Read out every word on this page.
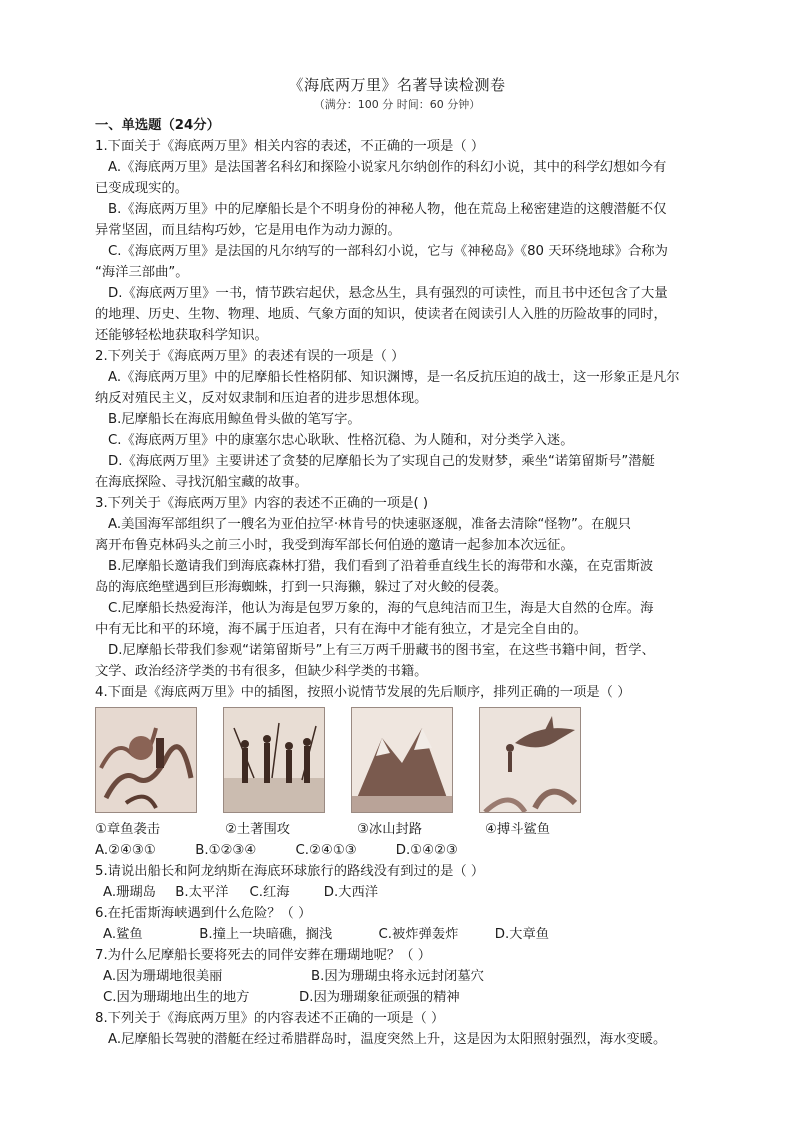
《海底两万里》名著导读检测卷
（满分：100 分 时间：60 分钟）
一、单选题（24分）
1.下面关于《海底两万里》相关内容的表述，不正确的一项是（ ）
A.《海底两万里》是法国著名科幻和探险小说家凡尔纳创作的科幻小说，其中的科学幻想如今有
已变成现实的。
B.《海底两万里》中的尼摩船长是个不明身份的神秘人物，他在荒岛上秘密建造的这艘潜艇不仅
异常坚固，而且结构巧妙，它是用电作为动力源的。
C.《海底两万里》是法国的凡尔纳写的一部科幻小说，它与《神秘岛》《80 天环绕地球》合称为
“海洋三部曲”。
D.《海底两万里》一书，情节跌宕起伏，悬念丛生，具有强烈的可读性，而且书中还包含了大量
的地理、历史、生物、物理、地质、气象方面的知识，使读者在阅读引人入胜的历险故事的同时，
还能够轻松地获取科学知识。
2.下列关于《海底两万里》的表述有误的一项是（ ）
A.《海底两万里》中的尼摩船长性格阴郁、知识渊博，是一名反抗压迫的战士，这一形象正是凡尔
纳反对殖民主义，反对奴隶制和压迫者的进步思想体现。
B.尼摩船长在海底用鲸鱼骨头做的笔写字。
C.《海底两万里》中的康塞尔忠心耿耿、性格沉稳、为人随和，对分类学入迷。
D.《海底两万里》主要讲述了贪婪的尼摩船长为了实现自己的发财梦，乘坐“诺第留斯号”潜艇
在海底探险、寻找沉船宝藏的故事。
3.下列关于《海底两万里》内容的表述不正确的一项是( )
A.美国海军部组织了一艘名为亚伯拉罕·林肯号的快速驱逐舰，准备去清除“怪物”。在舰只
离开布鲁克林码头之前三小时，我受到海军部长何伯逊的邀请一起参加本次远征。
B.尼摩船长邀请我们到海底森林打猎，我们看到了沿着垂直线生长的海带和水藻，在克雷斯波
岛的海底绝壁遇到巨形海蜘蛛，打到一只海獭，躲过了对火鲛的侵袭。
C.尼摩船长热爱海洋，他认为海是包罗万象的，海的气息纯洁而卫生，海是大自然的仓库。海
中有无比和平的环境，海不属于压迫者，只有在海中才能有独立，才是完全自由的。
D.尼摩船长带我们参观“诺第留斯号”上有三万两千册藏书的图书室，在这些书籍中间，哲学、
文学、政治经济学类的书有很多，但缺少科学类的书籍。
4.下面是《海底两万里》中的插图，按照小说情节发展的先后顺序，排列正确的一项是（ ）
①章鱼袭击	②土著围攻	③冰山封路	④搏斗鲨鱼
A.②④③①	B.①②③④	C.②④①③	D.①④②③
5.请说出船长和阿龙纳斯在海底环球旅行的路线没有到过的是（ ）
A.珊瑚岛 B.太平洋 C.红海	D.大西洋
6.在托雷斯海峡遇到什么危险？（ ）
A.鲨鱼	B.撞上一块暗礁，搁浅	C.被炸弹轰炸	D.大章鱼
7.为什么尼摩船长要将死去的同伴安葬在珊瑚地呢？（ ）
A.因为珊瑚地很美丽	B.因为珊瑚虫将永远封闭墓穴
C.因为珊瑚地出生的地方	D.因为珊瑚象征顽强的精神
8.下列关于《海底两万里》的内容表述不正确的一项是（ ）
A.尼摩船长驾驶的潜艇在经过希腊群岛时，温度突然上升，这是因为太阳照射强烈，海水变暖。
